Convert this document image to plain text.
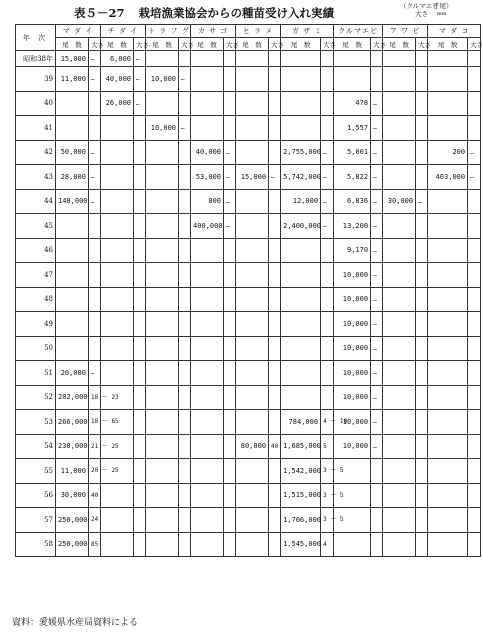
表５－27 栽培漁業協会からの種苗受け入れ実績	（クルマエビ
千尾）
大さ mm
年 次	マ ダ イ		チ ダ イ		ト ラ フ グ		カ サ ゴ		ヒ ラ メ		ガ ザ ミ		クルマエビ		ア ワ ビ		マ ダ コ	
	尾　数	大さ	尾　数	大さ	尾　数	大さ	尾　数	大さ	尾　数	大さ	尾　数	大さ	尾　数	大さ	尾　数	大さ	尾　数	大さ
昭和38年	15,000	…	6,000	…														
39	11,000	…	40,000	…	10,000	…												
40			26,000	…									478	…				
41					10,000	…							1,557	…				
42	50,000	…					40,000	…			2,755,000	…	5,001	…			200	…
43	28,000	…					53,000	…	15,000	…	5,742,000	…	5,822	…			403,000	…
44	148,000	…					800	…			12,000	…	6,836	…	30,000	…		
45							400,000	…			2,400,000	…	13,200	…				
46													9,170	…				
47													10,000	…				
48													10,000	…				
49													10,000	…				
50													10,000	…				
51	20,000	…											10,000	…				
52	202,000	18 ～ 23											10,000	…				
53	266,000	18 ～ 65									784,000	4 ～ 10	10,000	…				
54	230,000	21 ～ 25							80,000	40	1,685,000	5	10,000	…				
55	11,000	20 ～ 25									1,542,000	3 ～ 5						
56	30,000	40									1,515,000	3 ～ 5						
57	250,000	24									1,706,000	3 ～ 5						
58	250,000	85									1,545,000	4						
資料：愛媛県水産局資料による
